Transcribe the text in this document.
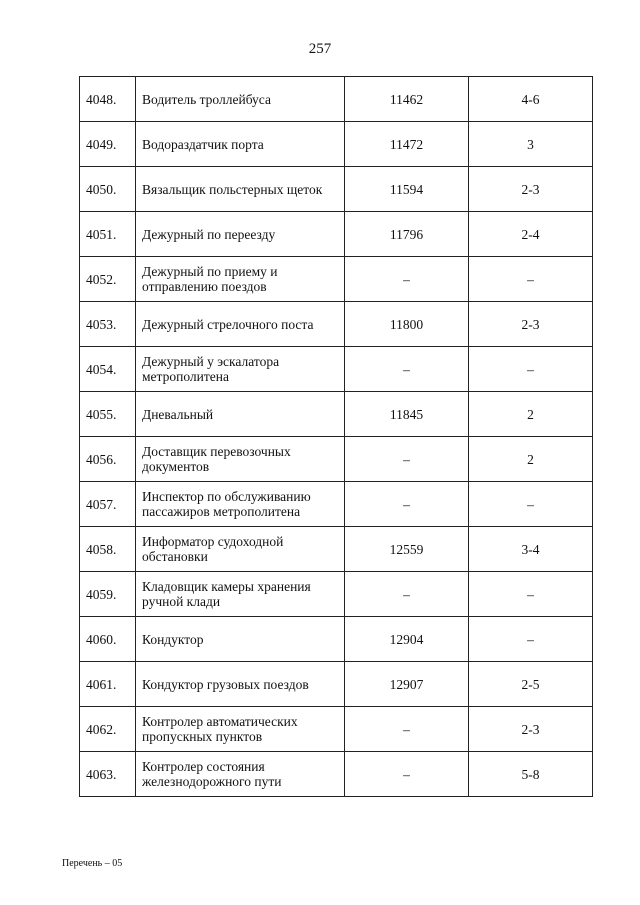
257
4048.	Водитель троллейбуса	11462	4-6
4049.	Водораздатчик порта	11472	3
4050.	Вязальщик польстерных щеток	11594	2-3
4051.	Дежурный по переезду	11796	2-4
4052.	Дежурный по приему и отправлению поездов	–	–
4053.	Дежурный стрелочного поста	11800	2-3
4054.	Дежурный у эскалатора метрополитена	–	–
4055.	Дневальный	11845	2
4056.	Доставщик перевозочных документов	–	2
4057.	Инспектор по обслуживанию пассажиров метрополитена	–	–
4058.	Информатор судоходной обстановки	12559	3-4
4059.	Кладовщик камеры хранения ручной клади	–	–
4060.	Кондуктор	12904	–
4061.	Кондуктор грузовых поездов	12907	2-5
4062.	Контролер автоматических пропускных пунктов	–	2-3
4063.	Контролер состояния железнодорожного пути	–	5-8
Перечень – 05
